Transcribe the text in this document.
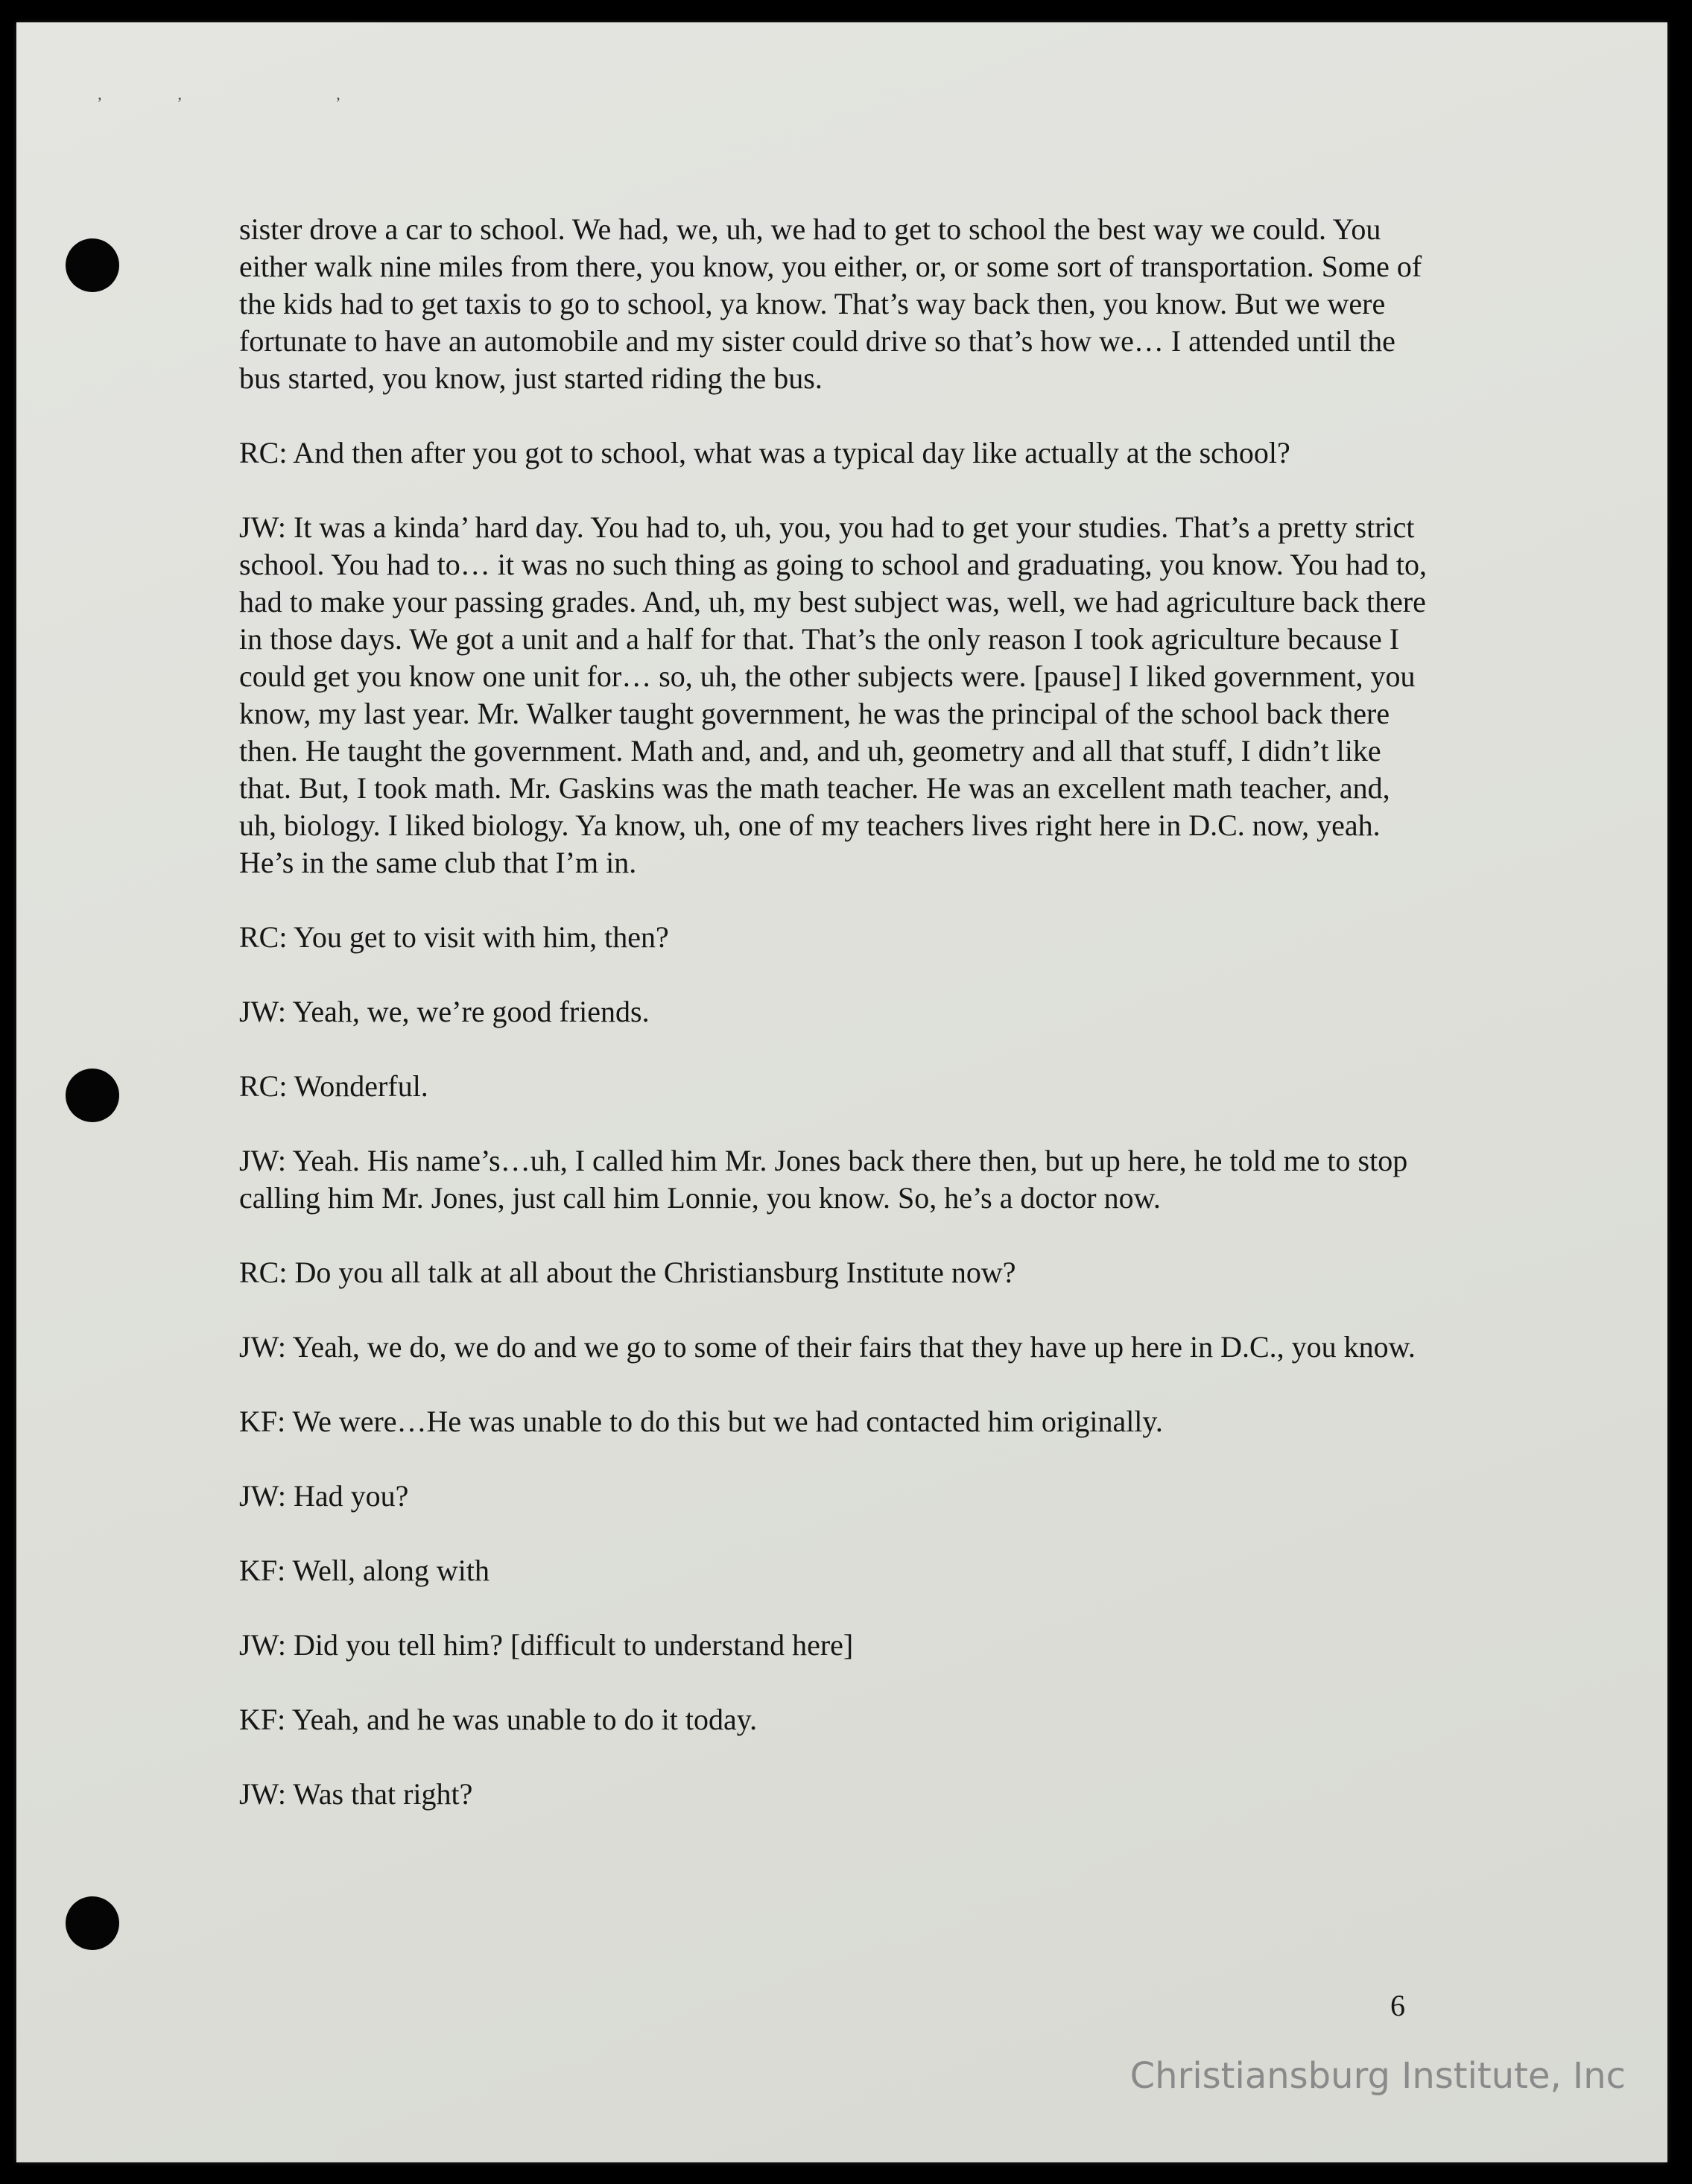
ʼʼ ʼ

sister drove a car to school. We had, we, uh, we had to get to school the best way we could. You either walk nine miles from there, you know, you either, or, or some sort of transportation. Some of the kids had to get taxis to go to school, ya know. That’s way back then, you know. But we were fortunate to have an automobile and my sister could drive so that’s how we… I attended until the bus started, you know, just started riding the bus.

RC: And then after you got to school, what was a typical day like actually at the school?

JW: It was a kinda’ hard day. You had to, uh, you, you had to get your studies. That’s a pretty strict school. You had to… it was no such thing as going to school and graduating, you know. You had to, had to make your passing grades. And, uh, my best subject was, well, we had agriculture back there in those days. We got a unit and a half for that. That’s the only reason I took agriculture because I could get you know one unit for… so, uh, the other subjects were. [pause] I liked government, you know, my last year. Mr. Walker taught government, he was the principal of the school back there then. He taught the government. Math and, and, and uh, geometry and all that stuff, I didn’t like that. But, I took math. Mr. Gaskins was the math teacher. He was an excellent math teacher, and, uh, biology. I liked biology. Ya know, uh, one of my teachers lives right here in D.C. now, yeah. He’s in the same club that I’m in.

RC: You get to visit with him, then?

JW: Yeah, we, we’re good friends.

RC: Wonderful.

JW: Yeah. His name’s…uh, I called him Mr. Jones back there then, but up here, he told me to stop calling him Mr. Jones, just call him Lonnie, you know. So, he’s a doctor now.

RC: Do you all talk at all about the Christiansburg Institute now?

JW: Yeah, we do, we do and we go to some of their fairs that they have up here in D.C., you know.

KF: We were…He was unable to do this but we had contacted him originally.

JW: Had you?

KF: Well, along with

JW: Did you tell him? [difficult to understand here]

KF: Yeah, and he was unable to do it today.

JW: Was that right?

6
Christiansburg Institute, Inc
